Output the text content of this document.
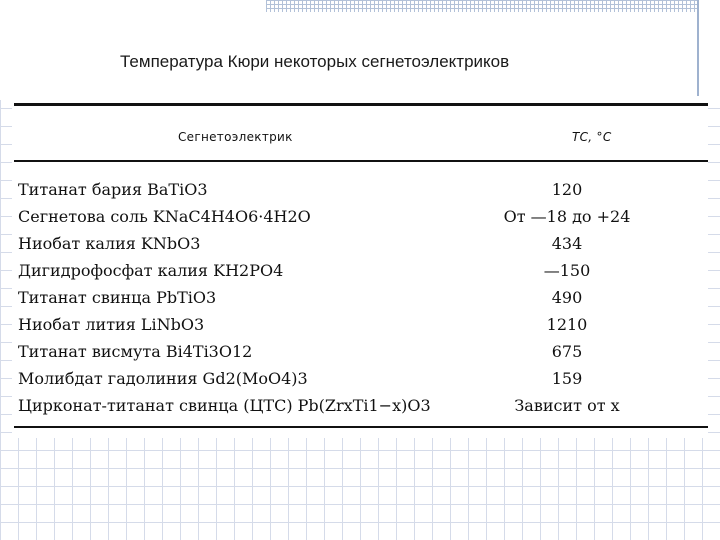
Температура Кюри некоторых сегнетоэлектриков
Сегнетоэлектрик	TC, °C
Титанат бария BaTiO3	120
Сегнетова соль KNaC4H4O6·4H2O	От —18 до +24
Ниобат калия KNbO3	434
Дигидрофосфат калия KH2PO4	—150
Титанат свинца PbTiO3	490
Ниобат лития LiNbO3	1210
Титанат висмута Bi4Ti3O12	675
Молибдат гадолиния Gd2(MoO4)3	159
Цирконат-титанат свинца (ЦТС) Pb(ZrxTi1−x)O3	Зависит от x
